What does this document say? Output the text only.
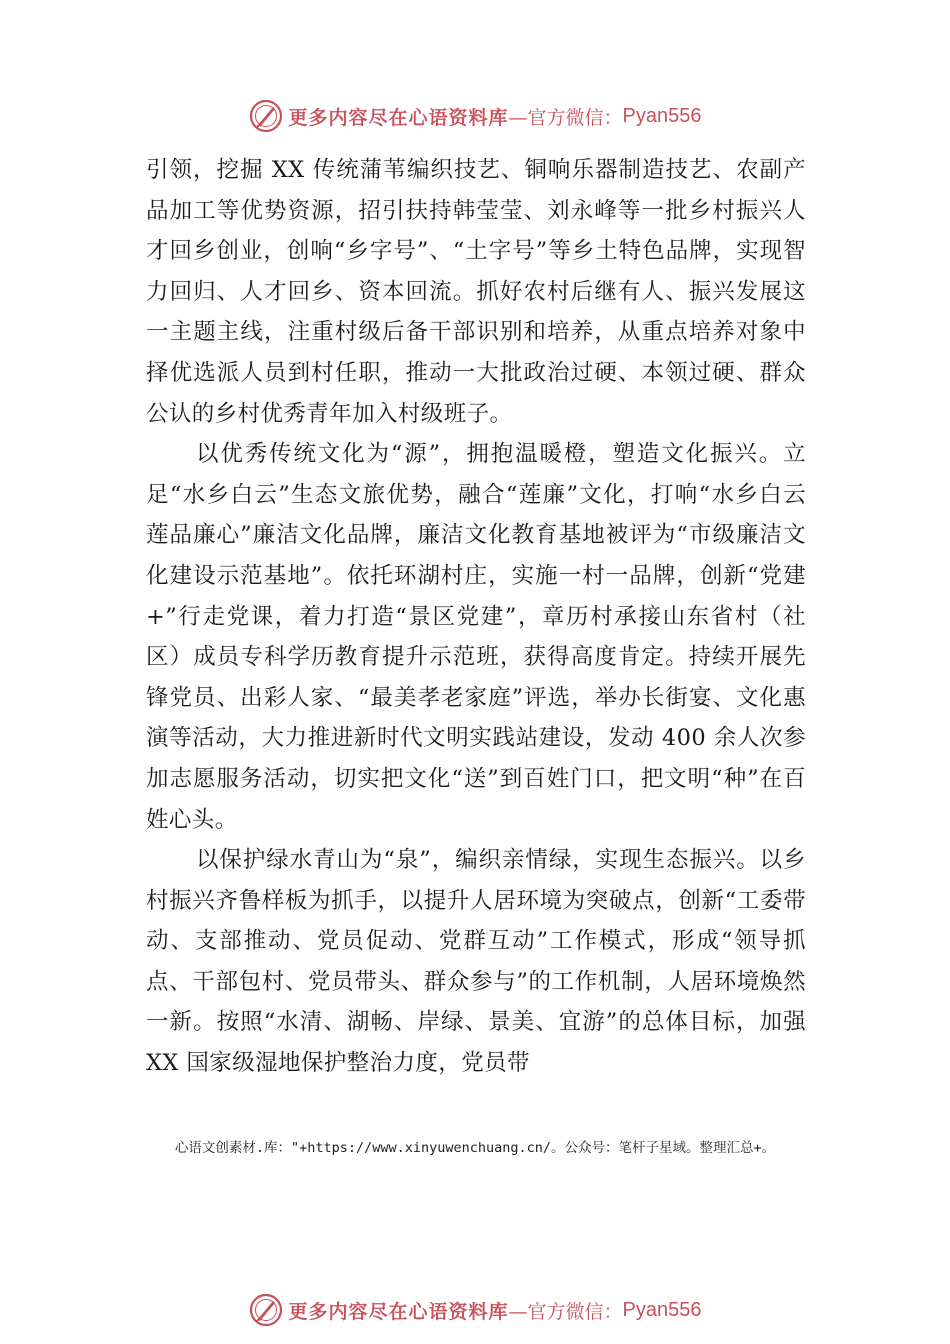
更多内容尽在心语资料库 —官方微信： Pyan556

引领，挖掘 XX 传统蒲苇编织技艺、铜响乐器制造技艺、农副产品加工等优势资源，招引扶持韩莹莹、刘永峰等一批乡村振兴人才回乡创业，创响“乡字号”、“土字号”等乡土特色品牌，实现智力回归、人才回乡、资本回流。抓好农村后继有人、振兴发展这一主题主线，注重村级后备干部识别和培养，从重点培养对象中择优选派人员到村任职，推动一大批政治过硬、本领过硬、群众公认的乡村优秀青年加入村级班子。

以优秀传统文化为“源”，拥抱温暖橙，塑造文化振兴。立足“水乡白云”生态文旅优势，融合“莲廉”文化，打响“水乡白云 莲品廉心”廉洁文化品牌，廉洁文化教育基地被评为“市级廉洁文化建设示范基地”。依托环湖村庄，实施一村一品牌，创新“党建+”行走党课，着力打造“景区党建”，章历村承接山东省村（社区）成员专科学历教育提升示范班，获得高度肯定。持续开展先锋党员、出彩人家、“最美孝老家庭”评选，举办长街宴、文化惠演等活动，大力推进新时代文明实践站建设，发动 400 余人次参加志愿服务活动，切实把文化“送”到百姓门口，把文明“种”在百姓心头。

以保护绿水青山为“泉”，编织亲情绿，实现生态振兴。以乡村振兴齐鲁样板为抓手，以提升人居环境为突破点，创新“工委带动、支部推动、党员促动、党群互动”工作模式，形成“领导抓点、干部包村、党员带头、群众参与”的工作机制，人居环境焕然一新。按照“水清、湖畅、岸绿、景美、宜游”的总体目标，加强 XX 国家级湿地保护整治力度，党员带

心语文创素材.库："+https://www.xinyuwenchuang.cn/。公众号：笔杆子星域。整理汇总+。
更多内容尽在心语资料库 —官方微信： Pyan556
